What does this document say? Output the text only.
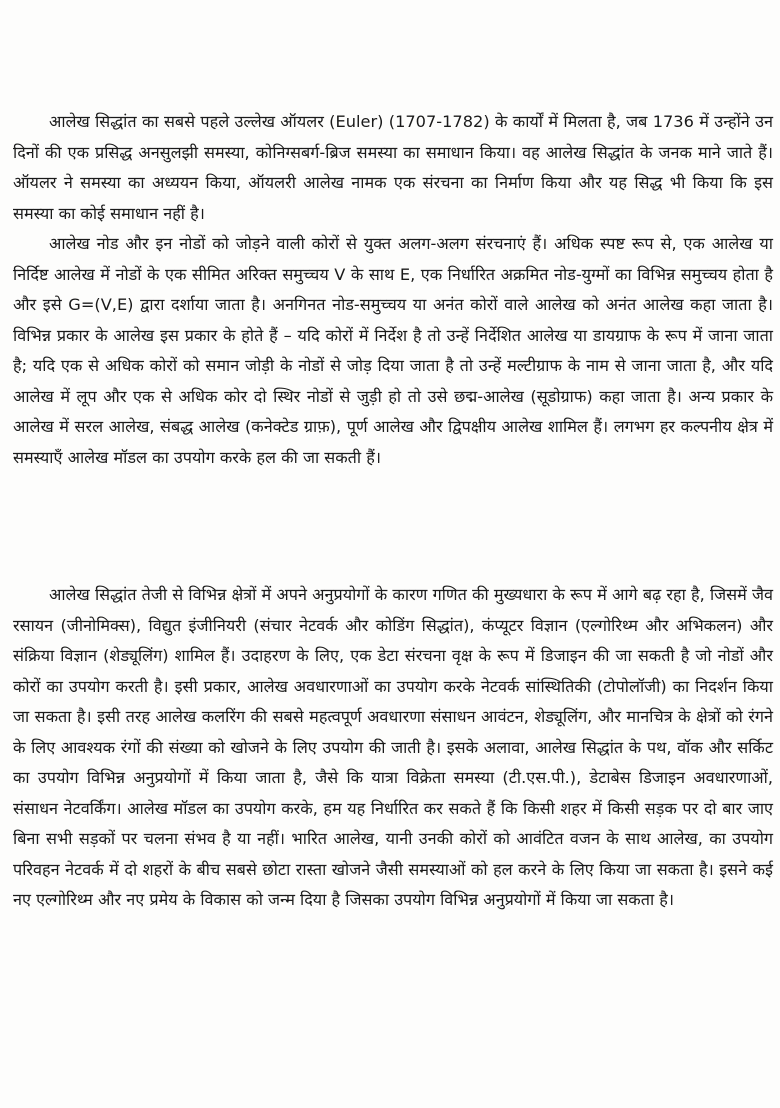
आलेख सिद्धांत का सबसे पहले उल्लेख ऑयलर (Euler) (1707-1782) के कार्यों में मिलता है, जब 1736 में उन्होंने उन दिनों की एक प्रसिद्ध अनसुलझी समस्या, कोनिग्सबर्ग-ब्रिज समस्या का समाधान किया। वह आलेख सिद्धांत के जनक माने जाते हैं। ऑयलर ने समस्या का अध्ययन किया, ऑयलरी आलेख नामक एक संरचना का निर्माण किया और यह सिद्ध भी किया कि इस समस्या का कोई समाधान नहीं है।

आलेख नोड और इन नोडों को जोड़ने वाली कोरों से युक्त अलग-अलग संरचनाएं हैं। अधिक स्पष्ट रूप से, एक आलेख या निर्दिष्ट आलेख में नोडों के एक सीमित अरिक्त समुच्चय V के साथ E, एक निर्धारित अक्रमित नोड-युग्मों का विभिन्न समुच्चय होता है और इसे G=(V,E) द्वारा दर्शाया जाता है। अनगिनत नोड-समुच्चय या अनंत कोरों वाले आलेख को अनंत आलेख कहा जाता है। विभिन्न प्रकार के आलेख इस प्रकार के होते हैं – यदि कोरों में निर्देश है तो उन्हें निर्देशित आलेख या डायग्राफ के रूप में जाना जाता है; यदि एक से अधिक कोरों को समान जोड़ी के नोडों से जोड़ दिया जाता है तो उन्हें मल्टीग्राफ के नाम से जाना जाता है, और यदि आलेख में लूप और एक से अधिक कोर दो स्थिर नोडों से जुड़ी हो तो उसे छद्म-आलेख (सूडोग्राफ) कहा जाता है। अन्य प्रकार के आलेख में सरल आलेख, संबद्ध आलेख (कनेक्टेड ग्राफ़), पूर्ण आलेख और द्विपक्षीय आलेख शामिल हैं। लगभग हर कल्पनीय क्षेत्र में समस्याएँ आलेख मॉडल का उपयोग करके हल की जा सकती हैं।

आलेख सिद्धांत तेजी से विभिन्न क्षेत्रों में अपने अनुप्रयोगों के कारण गणित की मुख्यधारा के रूप में आगे बढ़ रहा है, जिसमें जैव रसायन (जीनोमिक्स), विद्युत इंजीनियरी (संचार नेटवर्क और कोडिंग सिद्धांत), कंप्यूटर विज्ञान (एल्गोरिथ्म और अभिकलन) और संक्रिया विज्ञान (शेड्यूलिंग) शामिल हैं। उदाहरण के लिए, एक डेटा संरचना वृक्ष के रूप में डिजाइन की जा सकती है जो नोडों और कोरों का उपयोग करती है। इसी प्रकार, आलेख अवधारणाओं का उपयोग करके नेटवर्क सांस्थितिकी (टोपोलॉजी) का निदर्शन किया जा सकता है। इसी तरह आलेख कलरिंग की सबसे महत्वपूर्ण अवधारणा संसाधन आवंटन, शेड्यूलिंग, और मानचित्र के क्षेत्रों को रंगने के लिए आवश्यक रंगों की संख्या को खोजने के लिए उपयोग की जाती है। इसके अलावा, आलेख सिद्धांत के पथ, वॉक और सर्किट का उपयोग विभिन्न अनुप्रयोगों में किया जाता है, जैसे कि यात्रा विक्रेता समस्या (टी.एस.पी.), डेटाबेस डिजाइन अवधारणाओं, संसाधन नेटवर्किंग। आलेख मॉडल का उपयोग करके, हम यह निर्धारित कर सकते हैं कि किसी शहर में किसी सड़क पर दो बार जाए बिना सभी सड़कों पर चलना संभव है या नहीं। भारित आलेख, यानी उनकी कोरों को आवंटित वजन के साथ आलेख, का उपयोग परिवहन नेटवर्क में दो शहरों के बीच सबसे छोटा रास्ता खोजने जैसी समस्याओं को हल करने के लिए किया जा सकता है। इसने कई नए एल्गोरिथ्म और नए प्रमेय के विकास को जन्म दिया है जिसका उपयोग विभिन्न अनुप्रयोगों में किया जा सकता है।
